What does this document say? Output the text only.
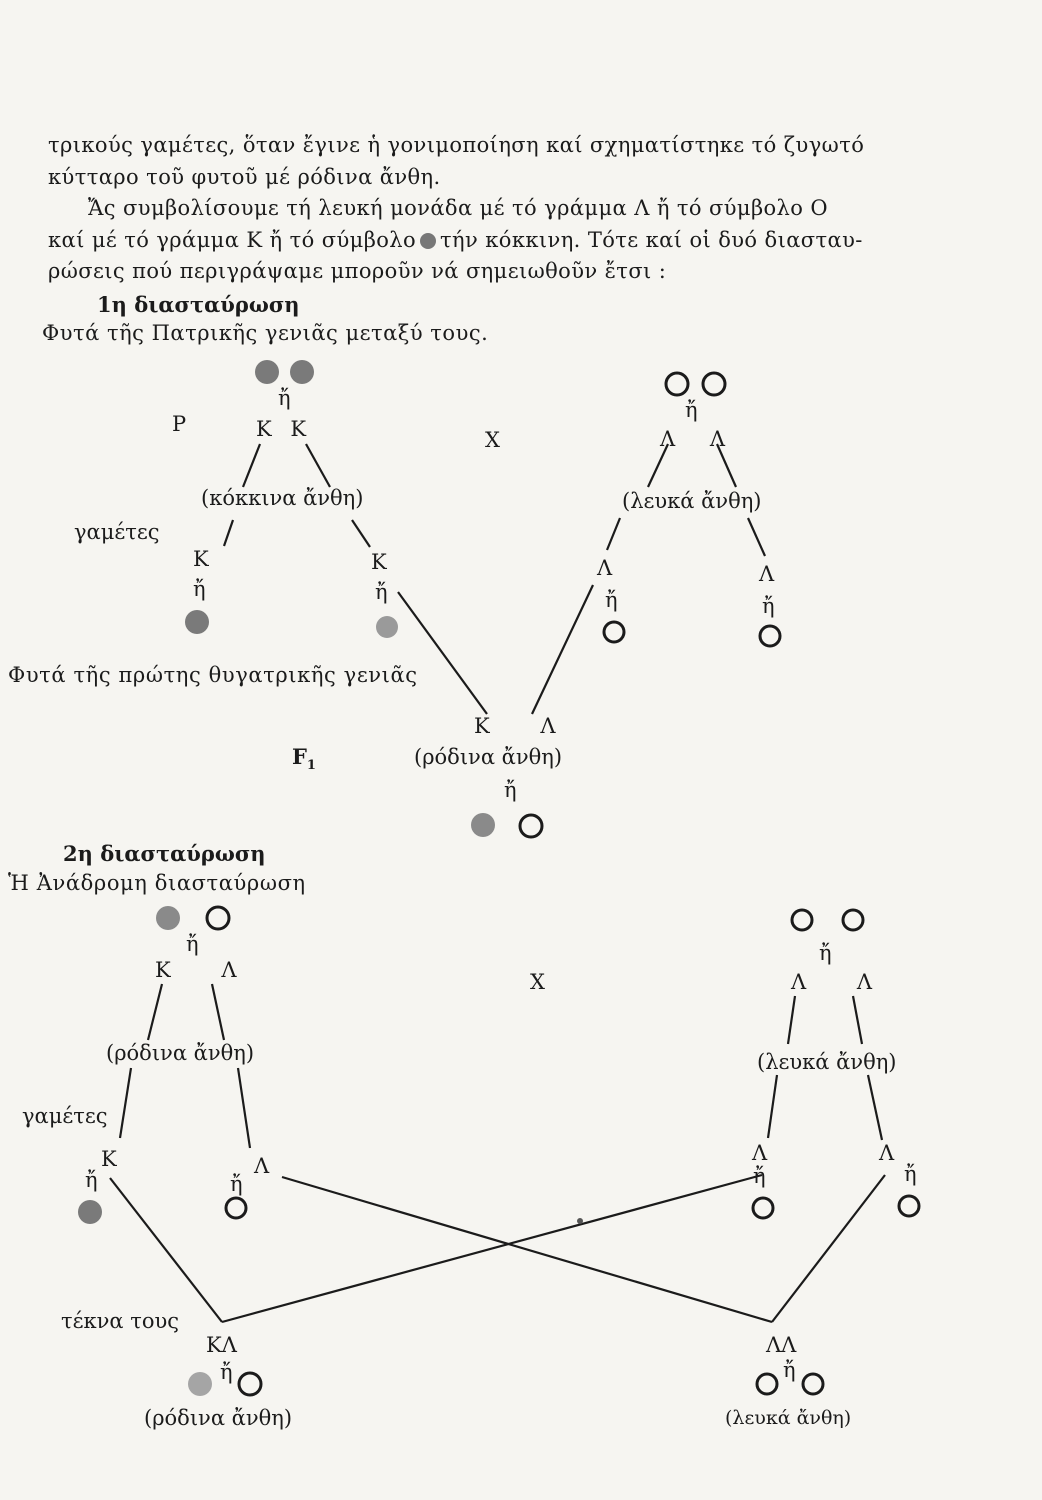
τρικούς γαμέτες, ὅταν ἔγινε ἡ γονιμοποίηση καί σχηματίστηκε τό ζυγωτό

κύτταρο τοῦ φυτοῦ μέ ρόδινα ἄνθη.

Ἄς συμβολίσουμε τή λευκή μονάδα μέ τό γράμμα Λ ἤ τό σύμβολο Ο

καί μέ τό γράμμα Κ ἤ τό σύμβολο τήν κόκκινη. Τότε καί οἱ δυό διασταυ-

ρώσεις πού περιγράψαμε μποροῦν νά σημειωθοῦν ἔτσι :

1η διασταύρωση
Φυτά τῆς Πατρικῆς γενιᾶς μεταξύ τους.
ἤ	ἤ
P	Κ Κ	X	Λ Λ
(κόκκινα ἄνθη)	(λευκά ἄνθη)
γαμέτες
Κ	Κ	Λ	Λ
ἤ	ἤ	ἤ	ἤ
Φυτά τῆς πρώτης θυγατρικῆς γενιᾶς
Κ Λ
$F_1$	(ρόδινα ἄνθη)
ἤ
2η διασταύρωση
Ἡ Ἀνάδρομη διασταύρωση
ἤ	ἤ
Κ Λ	X	Λ Λ
(ρόδινα ἄνθη)	(λευκά ἄνθη)
γαμέτες
Κ	Λ
Λ	Λ
ἤ	ἤ	ἤ	ἤ
τέκνα τους
ΚΛ	ΛΛ
ἤ	ἤ
(ρόδινα ἄνθη)	(λευκά ἄνθη)
